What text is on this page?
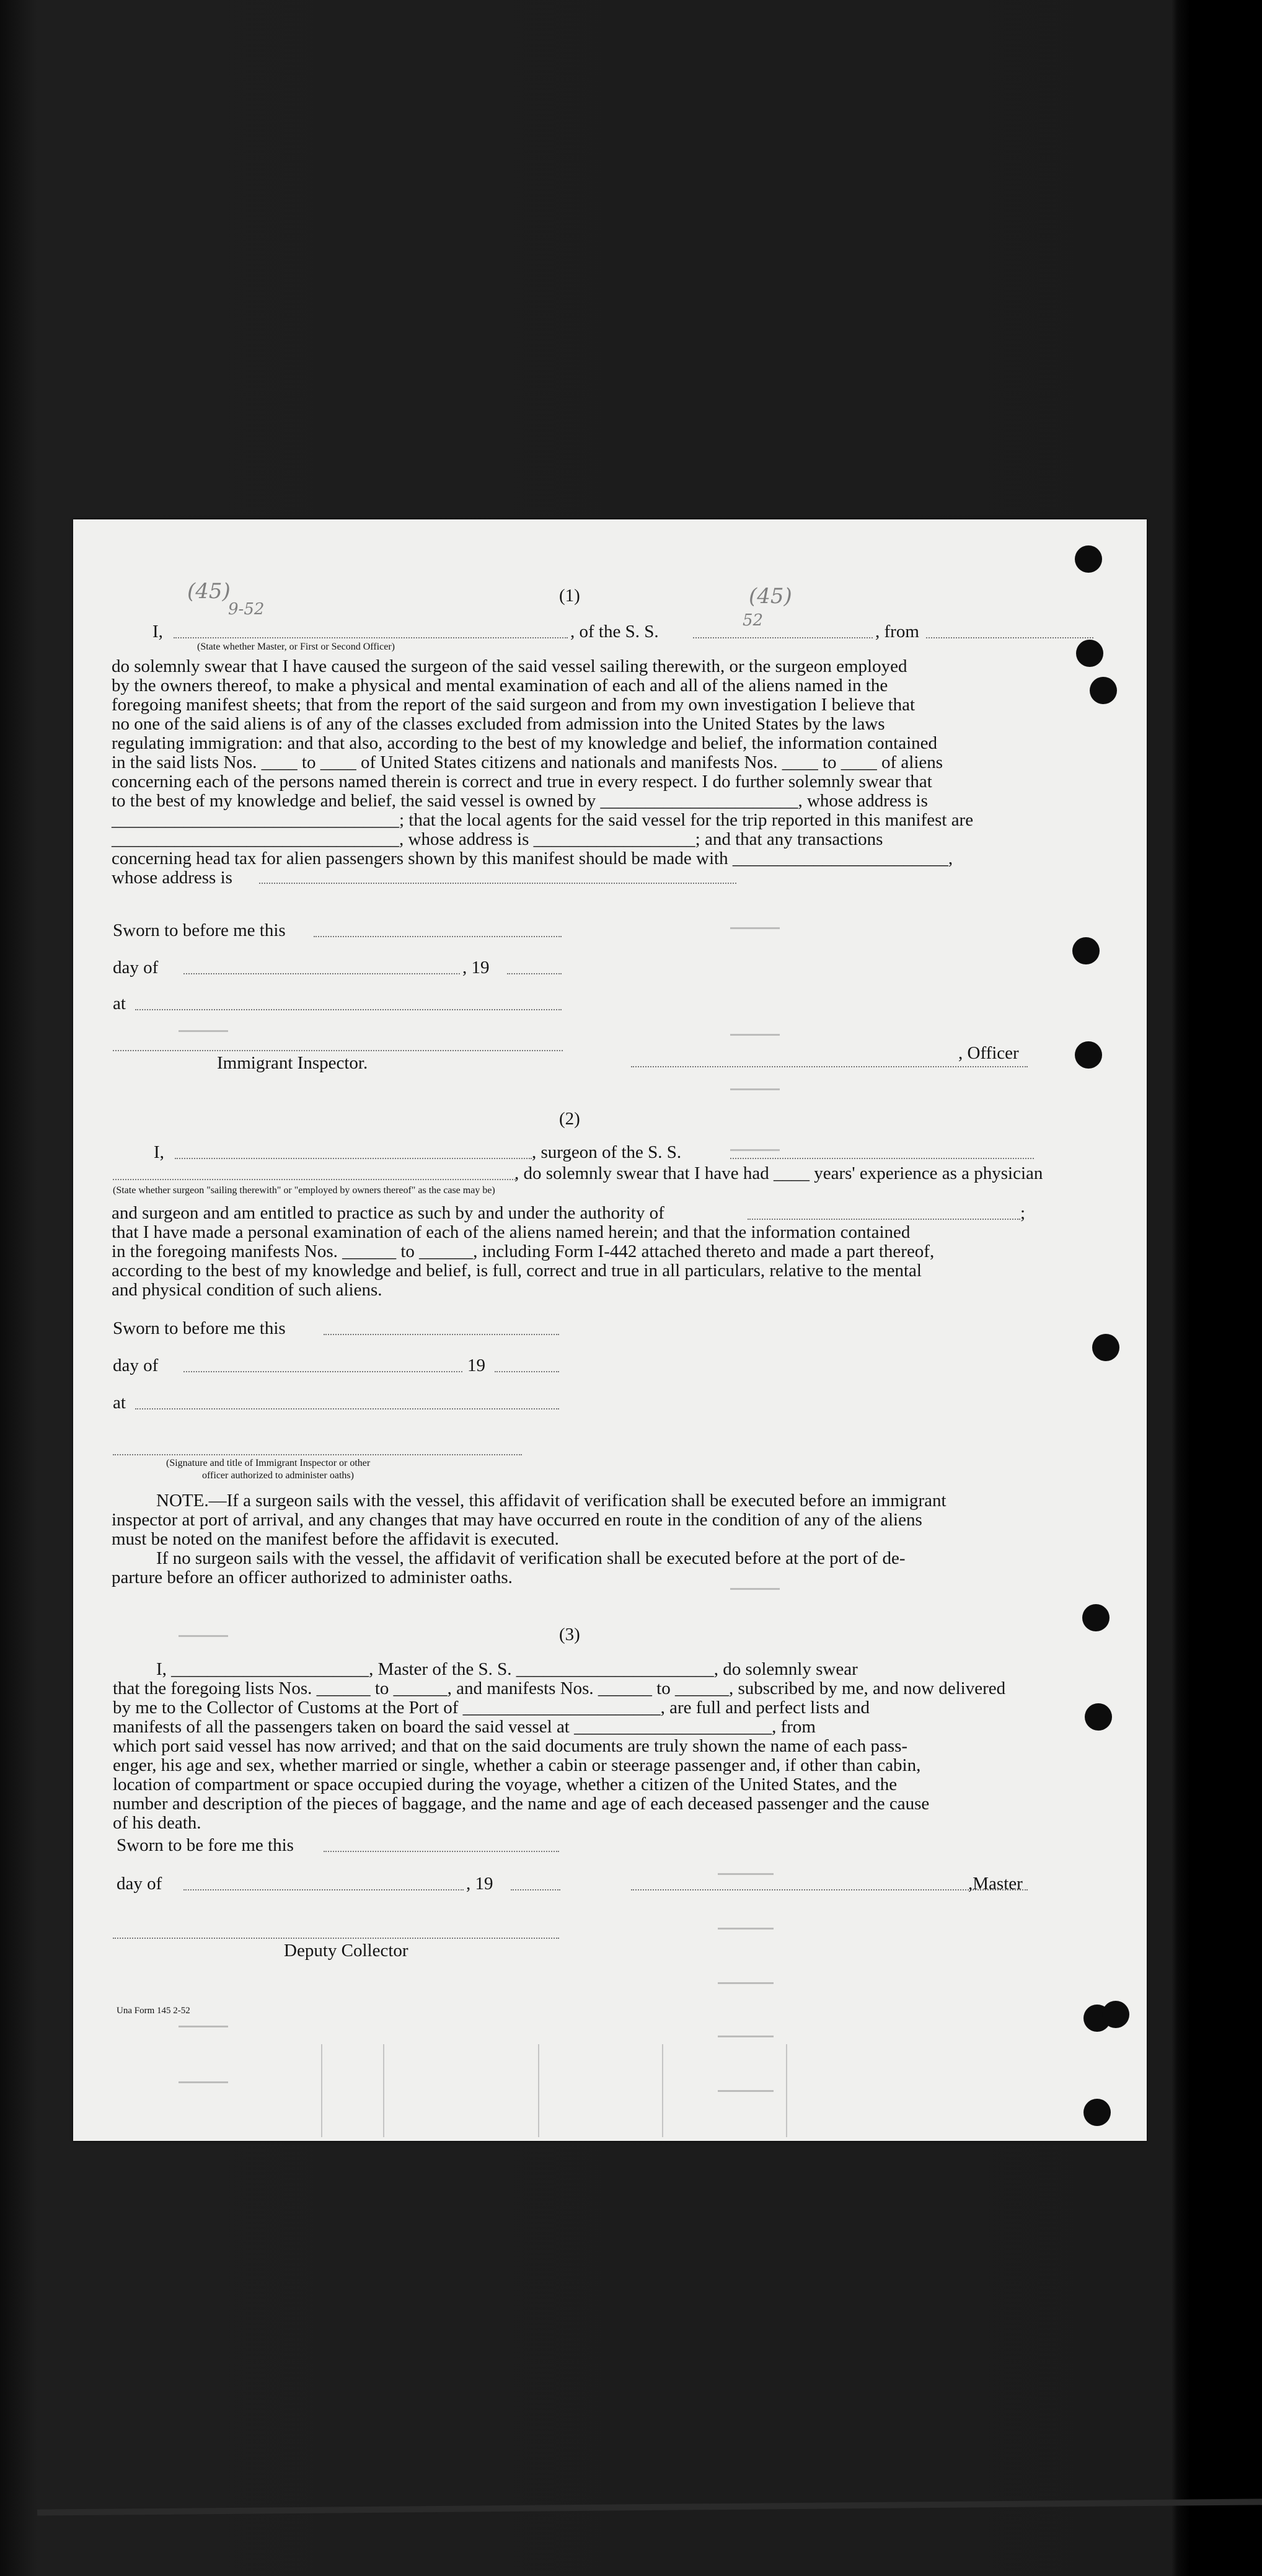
(1)
(45)	(45)
9-52
52
I,	, of the S. S.	, from
(State whether Master, or First or Second Officer)
do solemnly swear that I have caused the surgeon of the said vessel sailing therewith, or the surgeon employed
by the owners thereof, to make a physical and mental examination of each and all of the aliens named in the
foregoing manifest sheets; that from the report of the said surgeon and from my own investigation I believe that
no one of the said aliens is of any of the classes excluded from admission into the United States by the laws
regulating immigration: and that also, according to the best of my knowledge and belief, the information contained
in the said lists Nos. ____ to ____ of United States citizens and nationals and manifests Nos. ____ to ____ of aliens
concerning each of the persons named therein is correct and true in every respect. I do further solemnly swear that
to the best of my knowledge and belief, the said vessel is owned by ______________________, whose address is
________________________________; that the local agents for the said vessel for the trip reported in this manifest are
________________________________, whose address is __________________; and that any transactions
concerning head tax for alien passengers shown by this manifest should be made with ________________________,
whose address is
Sworn to before me this
day of	, 19
at
Immigrant Inspector.	, Officer
(2)
I,	, surgeon of the S. S.
, do solemnly swear that I have had ____ years' experience as a physician
(State whether surgeon "sailing therewith" or "employed by owners thereof" as the case may be)
and surgeon and am entitled to practice as such by and under the authority of	;
that I have made a personal examination of each of the aliens named herein; and that the information contained
in the foregoing manifests Nos. ______ to ______, including Form I-442 attached thereto and made a part thereof,
according to the best of my knowledge and belief, is full, correct and true in all particulars, relative to the mental
and physical condition of such aliens.
Sworn to before me this
day of	19
at
(Signature and title of Immigrant Inspector or other
officer authorized to administer oaths)
NOTE.—If a surgeon sails with the vessel, this affidavit of verification shall be executed before an immigrant
inspector at port of arrival, and any changes that may have occurred en route in the condition of any of the aliens
must be noted on the manifest before the affidavit is executed.
If no surgeon sails with the vessel, the affidavit of verification shall be executed before at the port of de-
parture before an officer authorized to administer oaths.
(3)
I, ______________________, Master of the S. S. ______________________, do solemnly swear
that the foregoing lists Nos. ______ to ______, and manifests Nos. ______ to ______, subscribed by me, and now delivered
by me to the Collector of Customs at the Port of ______________________, are full and perfect lists and
manifests of all the passengers taken on board the said vessel at ______________________, from
which port said vessel has now arrived; and that on the said documents are truly shown the name of each pass-
enger, his age and sex, whether married or single, whether a cabin or steerage passenger and, if other than cabin,
location of compartment or space occupied during the voyage, whether a citizen of the United States, and the
number and description of the pieces of baggage, and the name and age of each deceased passenger and the cause
of his death.
Sworn to be fore me this
day of	, 19	,Master
Deputy Collector
Una Form 145 2-52
